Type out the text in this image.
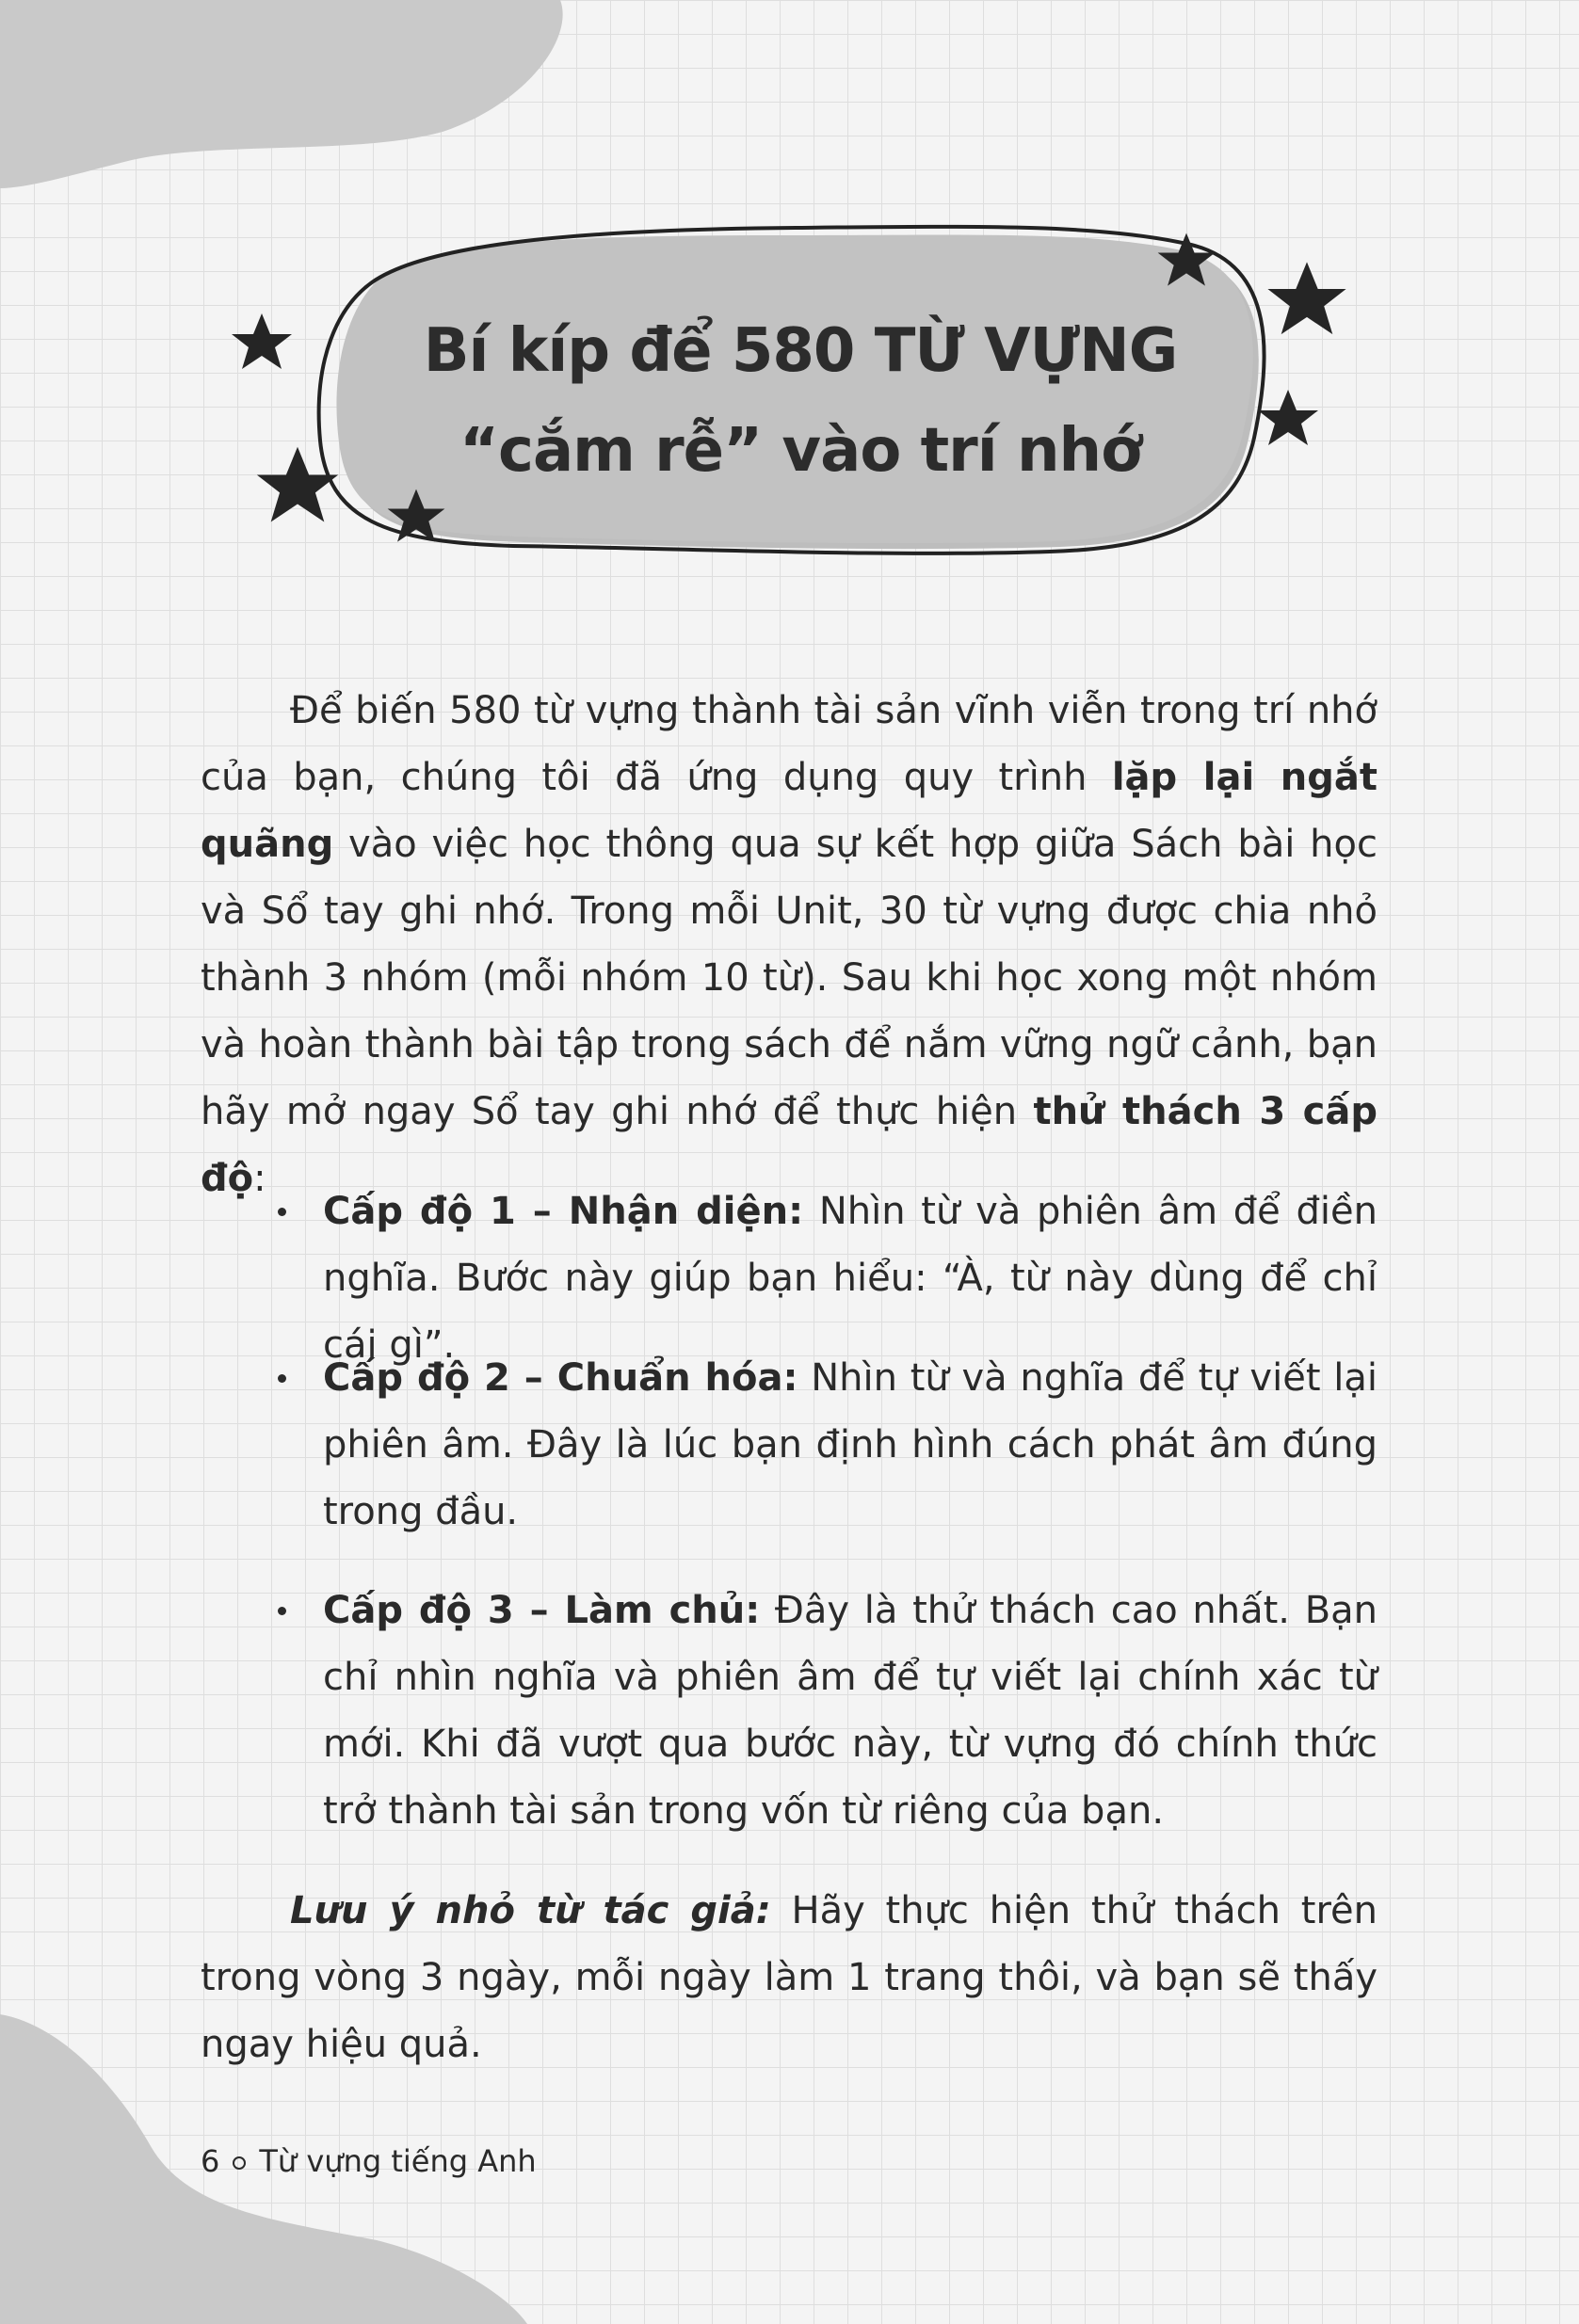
Bí kíp để 580 TỪ VỰNG
“cắm rễ” vào trí nhớ

Để biến 580 từ vựng thành tài sản vĩnh viễn trong trí nhớ của bạn, chúng tôi đã ứng dụng quy trình lặp lại ngắt quãng vào việc học thông qua sự kết hợp giữa Sách bài học và Sổ tay ghi nhớ. Trong mỗi Unit, 30 từ vựng được chia nhỏ thành 3 nhóm (mỗi nhóm 10 từ). Sau khi học xong một nhóm và hoàn thành bài tập trong sách để nắm vững ngữ cảnh, bạn hãy mở ngay Sổ tay ghi nhớ để thực hiện thử thách 3 cấp độ:

Cấp độ 1 – Nhận diện: Nhìn từ và phiên âm để điền nghĩa. Bước này giúp bạn hiểu: “À, từ này dùng để chỉ cái gì”.
Cấp độ 2 – Chuẩn hóa: Nhìn từ và nghĩa để tự viết lại phiên âm. Đây là lúc bạn định hình cách phát âm đúng trong đầu.
Cấp độ 3 – Làm chủ: Đây là thử thách cao nhất. Bạn chỉ nhìn nghĩa và phiên âm để tự viết lại chính xác từ mới. Khi đã vượt qua bước này, từ vựng đó chính thức trở thành tài sản trong vốn từ riêng của bạn.

Lưu ý nhỏ từ tác giả: Hãy thực hiện thử thách trên trong vòng 3 ngày, mỗi ngày làm 1 trang thôi, và bạn sẽ thấy ngay hiệu quả.

6 Từ vựng tiếng Anh
